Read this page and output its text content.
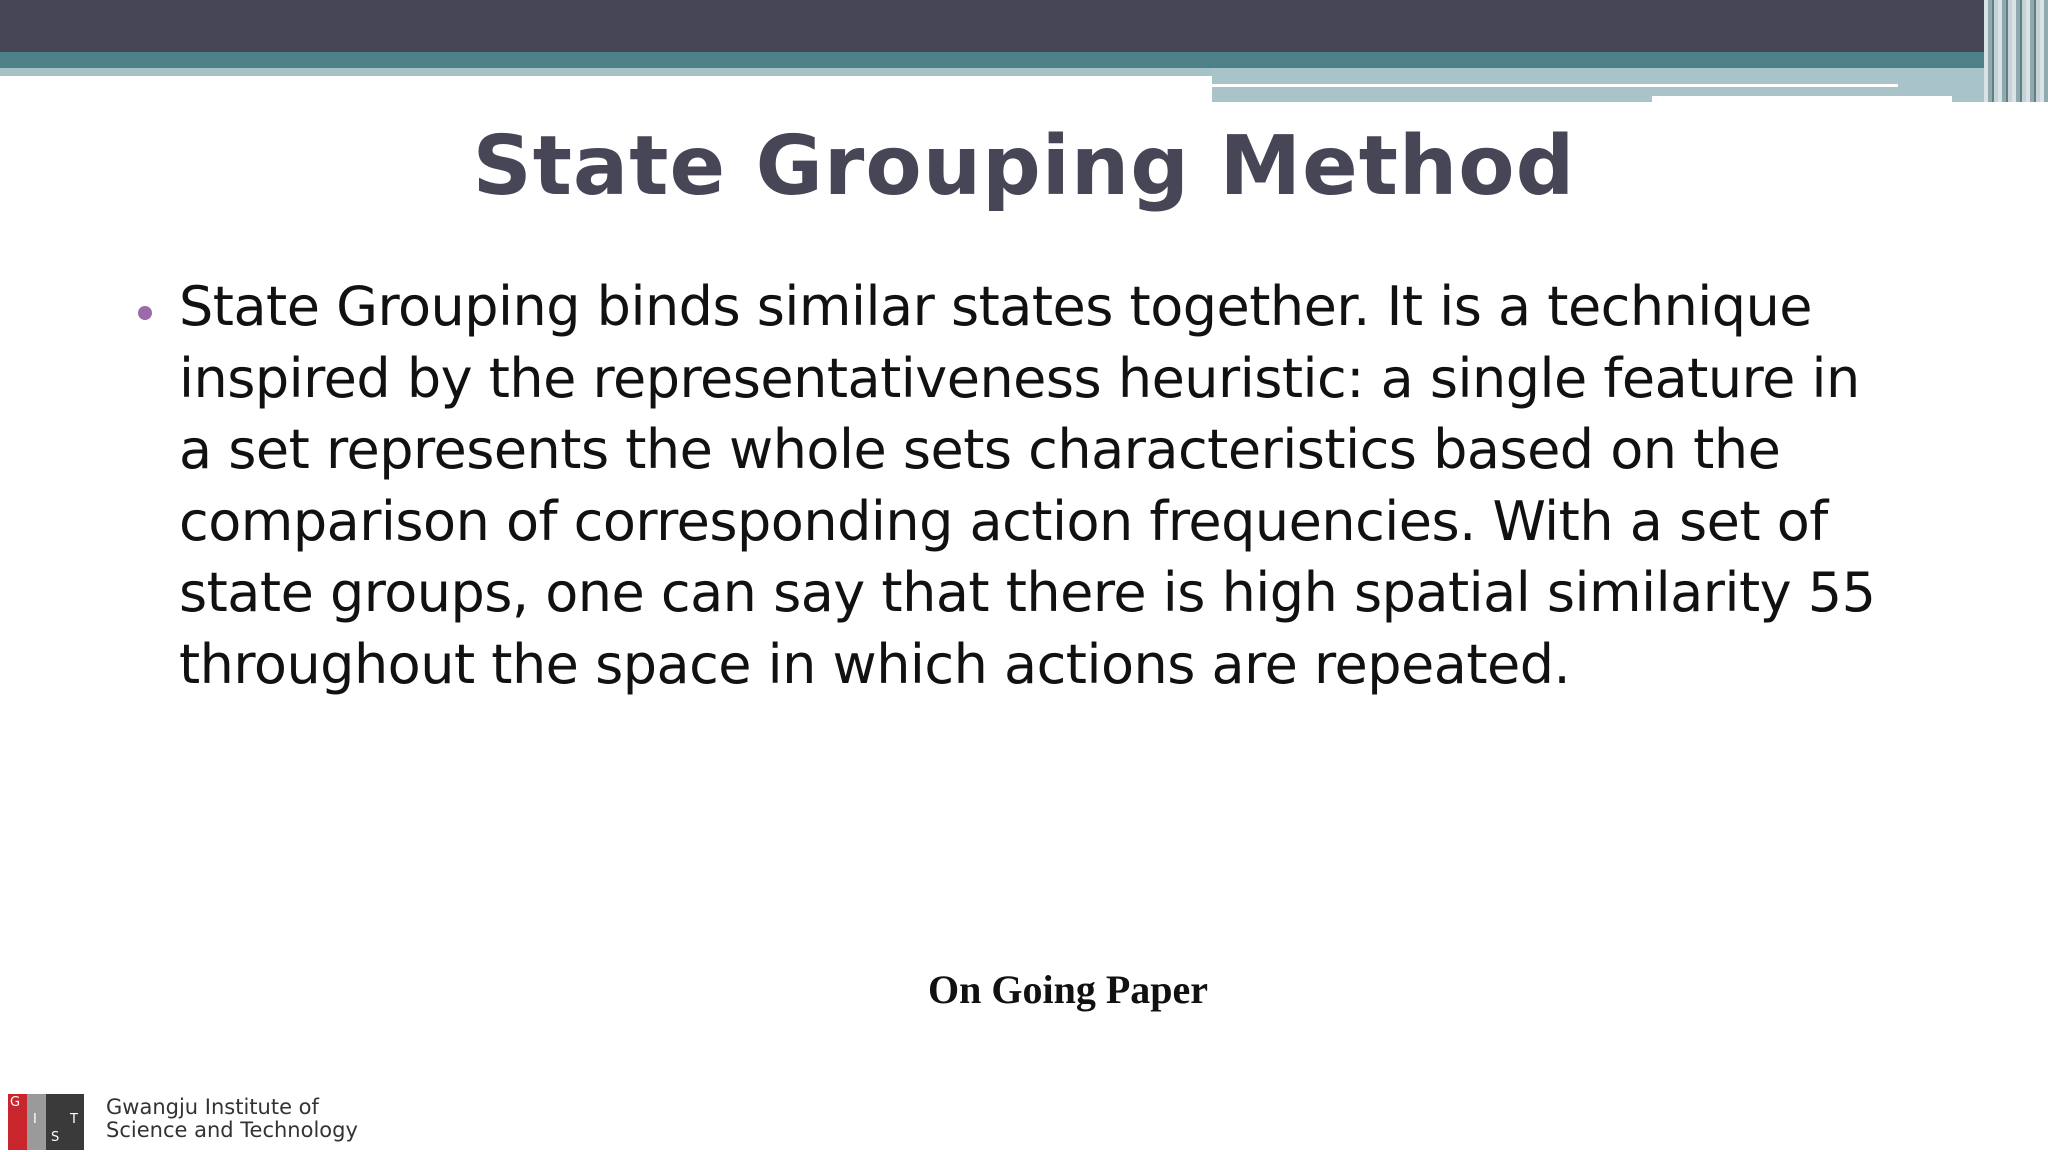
State Grouping Method
State Grouping binds similar states together. It is a technique inspired by the representativeness heuristic: a single feature in a set represents the whole sets characteristics based on the comparison of corresponding action frequencies. With a set of state groups, one can say that there is high spatial similarity 55 throughout the space in which actions are repeated.
On Going Paper
G
I
S
T
Gwangju Institute of
Science and Technology
